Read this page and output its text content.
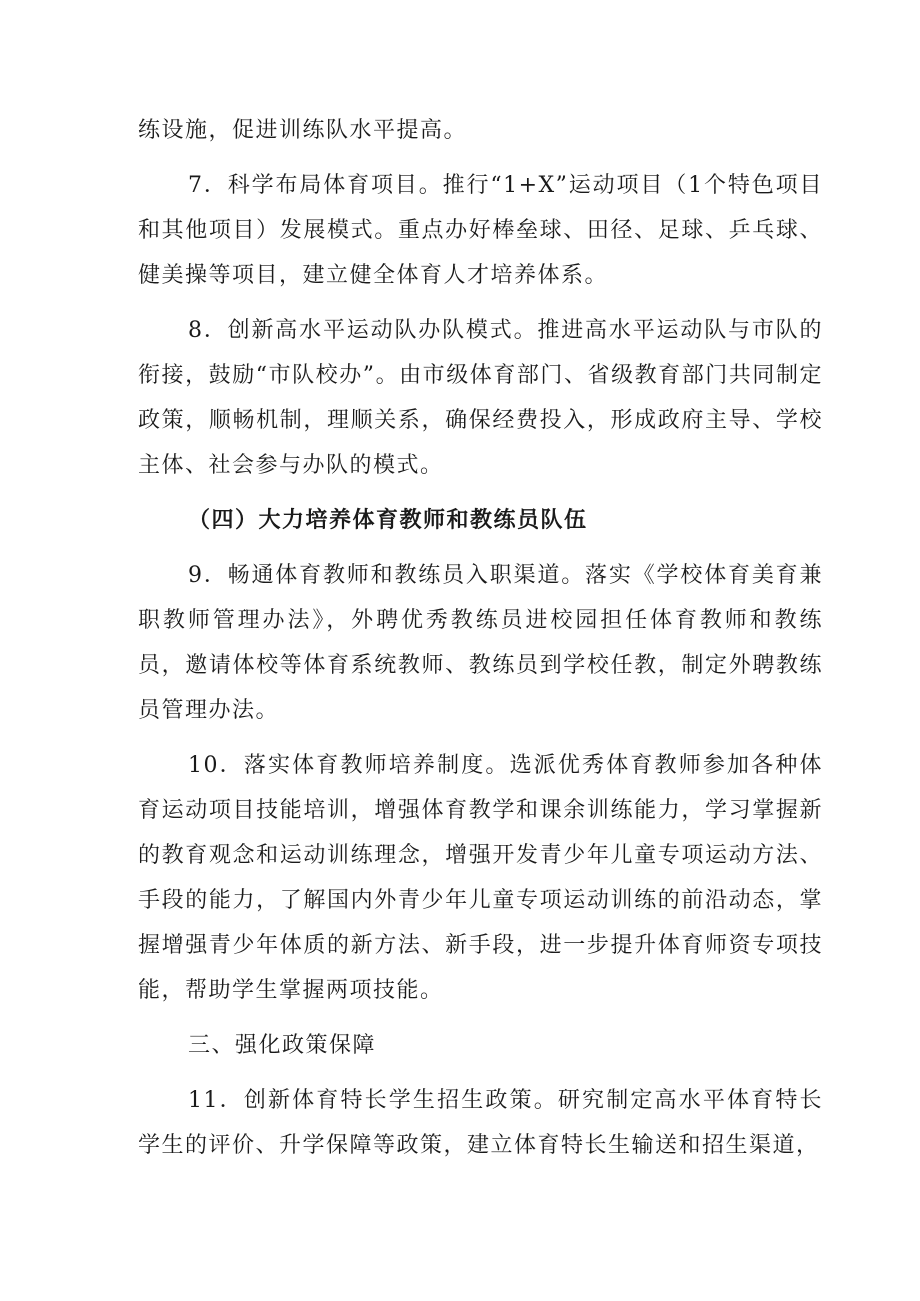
练设施，促进训练队水平提高。

7．科学布局体育项目。推行“1+X”运动项目（1个特色项目和其他项目）发展模式。重点办好棒垒球、田径、足球、乒乓球、健美操等项目，建立健全体育人才培养体系。

8．创新高水平运动队办队模式。推进高水平运动队与市队的衔接，鼓励“市队校办”。由市级体育部门、省级教育部门共同制定政策，顺畅机制，理顺关系，确保经费投入，形成政府主导、学校主体、社会参与办队的模式。

（四）大力培养体育教师和教练员队伍

9．畅通体育教师和教练员入职渠道。落实《学校体育美育兼职教师管理办法》，外聘优秀教练员进校园担任体育教师和教练员，邀请体校等体育系统教师、教练员到学校任教，制定外聘教练员管理办法。

10．落实体育教师培养制度。选派优秀体育教师参加各种体育运动项目技能培训，增强体育教学和课余训练能力，学习掌握新的教育观念和运动训练理念，增强开发青少年儿童专项运动方法、手段的能力，了解国内外青少年儿童专项运动训练的前沿动态，掌握增强青少年体质的新方法、新手段，进一步提升体育师资专项技能，帮助学生掌握两项技能。

三、强化政策保障

11．创新体育特长学生招生政策。研究制定高水平体育特长学生的评价、升学保障等政策，建立体育特长生输送和招生渠道，
